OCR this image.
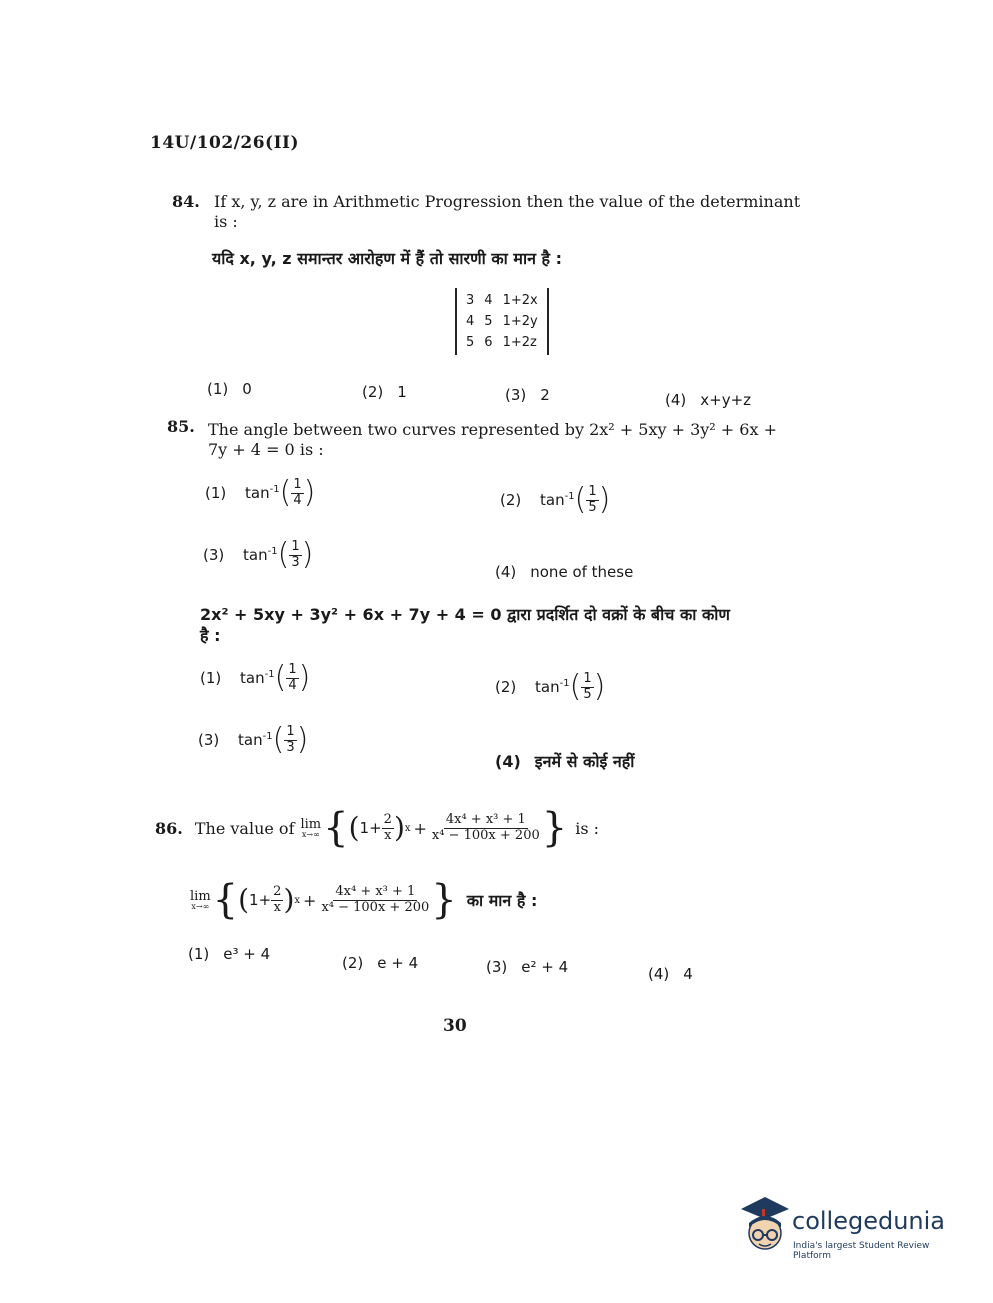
14U/102/26(II)
84. If x, y, z are in Arithmetic Progression then the value of the determinant
is :
यदि x, y, z समान्तर आरोहण में हैं तो सारणी का मान है :
3	4	1+2x
4	5	1+2y
5	6	1+2z
(1) 0	(2) 1	(3) 2	(4) x+y+z
85. The angle between two curves represented by 2x² + 5xy + 3y² + 6x +
7y + 4 = 0 is :
(1) $\tan^{-1}( \frac{1}{4}$ )	(2) $\tan^{-1}( \frac{1}{5}$ )
(3) $\tan^{-1}( \frac{1}{3}$ )	(4) none of these
2x² + 5xy + 3y² + 6x + 7y + 4 = 0 द्वारा प्रदर्शित दो वक्रों के बीच का कोण
है :
(1) $\tan^{-1}( \frac{1}{4}$ )	(2) $\tan^{-1}( \frac{1}{5}$ )
(3) $\tan^{-1}( \frac{1}{3}$ )
(4) इनमें से कोई नहीं
86. The value of lim
x→∞ { ( $1 + \frac{2}{x}$ ) $x + \frac{\text{4x⁴ + x³ + 1}}{\text{x⁴ − 100x + 200}}$ } is :
lim
x→∞ { ( $1 + \frac{2}{x}$ ) $x + \frac{\text{4x⁴ + x³ + 1}}{\text{x⁴ − 100x + 200}}$ } का मान है :
(1) e³ + 4	(2) e + 4	(3) e² + 4	(4) 4
30
collegedunia
India's largest Student Review Platform
